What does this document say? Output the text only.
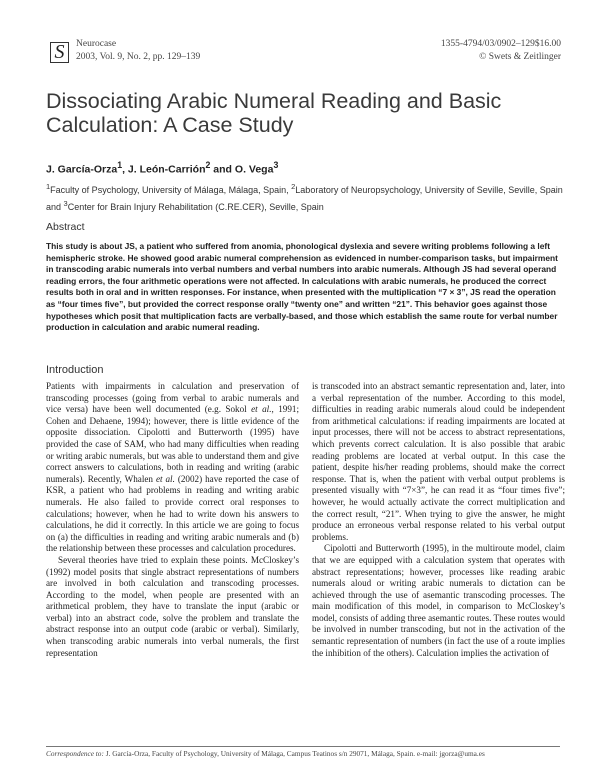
S	Neurocase
2003, Vol. 9, No. 2, pp. 129–139
1355-4794/03/0902–129$16.00
© Swets & Zeitlinger
Dissociating Arabic Numeral Reading and Basic Calculation: A Case Study
J. García-Orza$^1$, J. León-Carrión$^2$ and O. Vega$^3$
$^1$Faculty of Psychology, University of Málaga, Málaga, Spain, $^2$Laboratory of Neuropsychology, University of Seville, Seville, Spain and $^3$Center for Brain Injury Rehabilitation (C.RE.CER), Seville, Spain
Abstract
This study is about JS, a patient who suffered from anomia, phonological dyslexia and severe writing problems following a left hemispheric stroke. He showed good arabic numeral comprehension as evidenced in number-comparison tasks, but impairment in transcoding arabic numerals into verbal numbers and verbal numbers into arabic numerals. Although JS had several operand reading errors, the four arithmetic operations were not affected. In calculations with arabic numerals, he produced the correct results both in oral and in written responses. For instance, when presented with the multiplication “7 × 3”, JS read the operation as “four times five”, but provided the correct response orally “twenty one” and written “21”. This behavior goes against those hypotheses which posit that multiplication facts are verbally-based, and those which establish the same route for verbal number production in calculation and arabic numeral reading.
Introduction

Patients with impairments in calculation and preservation of transcoding processes (going from verbal to arabic numerals and vice versa) have been well documented (e.g. Sokol et al., 1991; Cohen and Dehaene, 1994); however, there is little evidence of the opposite dissociation. Cipolotti and Butterworth (1995) have provided the case of SAM, who had many difficulties when reading or writing arabic numerals, but was able to understand them and give correct answers to calculations, both in reading and writing (arabic numerals). Recently, Whalen et al. (2002) have reported the case of KSR, a patient who had problems in reading and writing arabic numerals. He also failed to provide correct oral responses to calculations; however, when he had to write down his answers to calculations, he did it correctly. In this article we are going to focus on (a) the difficulties in reading and writing arabic numerals and (b) the relationship between these processes and calculation procedures.

Several theories have tried to explain these points. McCloskey’s (1992) model posits that single abstract representations of numbers are involved in both calculation and transcoding processes. According to the model, when people are presented with an arithmetical problem, they have to translate the input (arabic or verbal) into an abstract code, solve the problem and translate the abstract response into an output code (arabic or verbal). Similarly, when transcoding arabic numerals into verbal numerals, the first representation

is transcoded into an abstract semantic representation and, later, into a verbal representation of the number. According to this model, difficulties in reading arabic numerals aloud could be independent from arithmetical calculations: if reading impairments are located at input processes, there will not be access to abstract representations, which prevents correct calculation. It is also possible that arabic reading problems are located at verbal output. In this case the patient, despite his/her reading problems, should make the correct response. That is, when the patient with verbal output problems is presented visually with “7×3”, he can read it as “four times five”; however, he would actually activate the correct multiplication and the correct result, “21”. When trying to give the answer, he might produce an erroneous verbal response related to his verbal output problems.

Cipolotti and Butterworth (1995), in the multiroute model, claim that we are equipped with a calculation system that operates with abstract representations; however, processes like reading arabic numerals aloud or writing arabic numerals to dictation can be achieved through the use of asemantic transcoding processes. The main modification of this model, in comparison to McCloskey’s model, consists of adding three asemantic routes. These routes would be involved in number transcoding, but not in the activation of the semantic representation of numbers (in fact the use of a route implies the inhibition of the others). Calculation implies the activation of

Correspondence to: J. García-Orza, Faculty of Psychology, University of Málaga, Campus Teatinos s/n 29071, Málaga, Spain. e-mail: jgorza@uma.es
